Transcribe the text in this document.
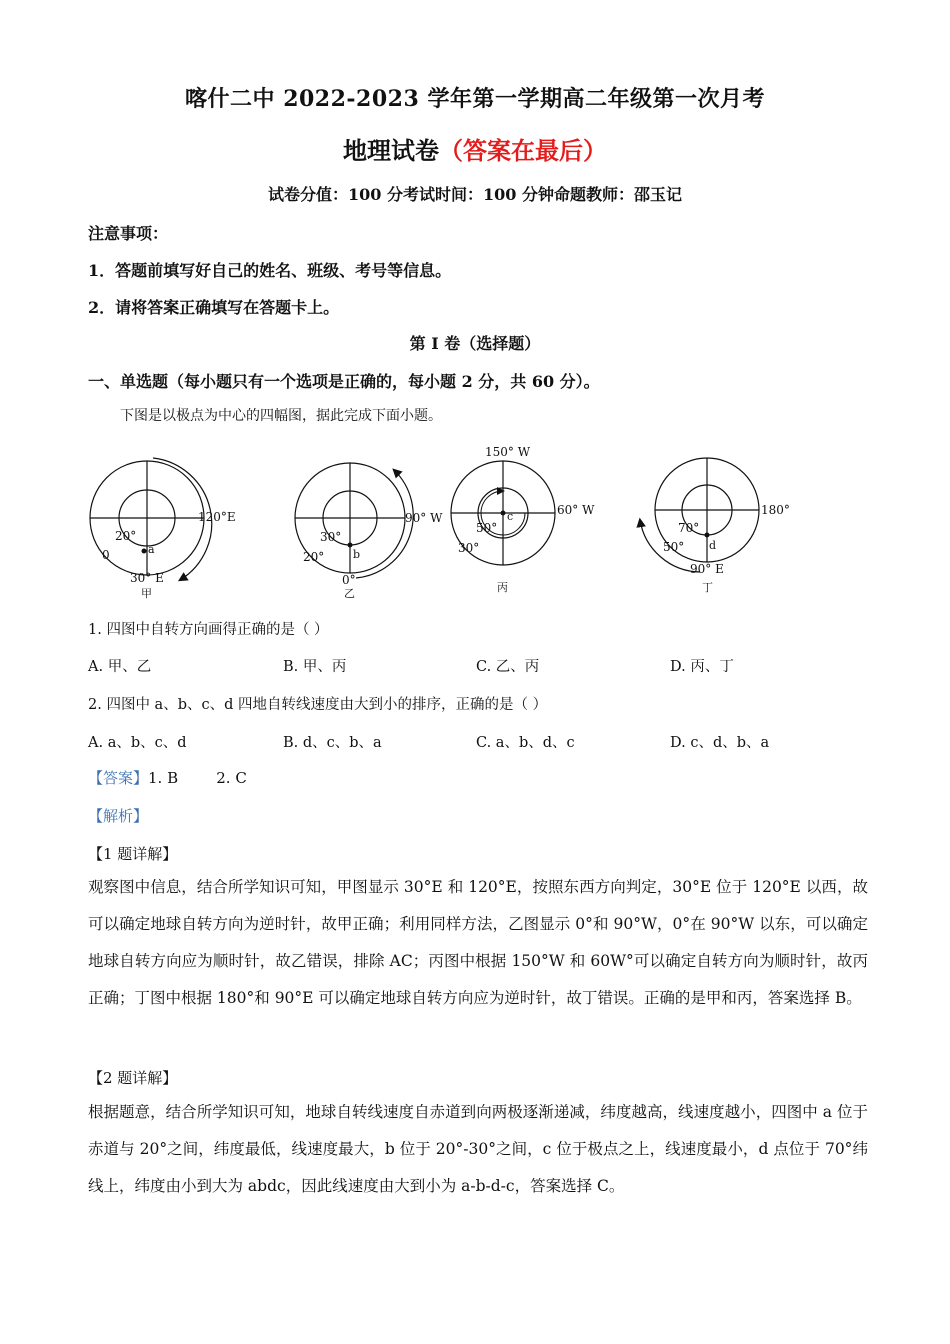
喀什二中 2022-2023 学年第一学期高二年级第一次月考
地理试卷（答案在最后）
试卷分值：100 分考试时间：100 分钟命题教师：邵玉记
注意事项：
1．答题前填写好自己的姓名、班级、考号等信息。
2．请将答案正确填写在答题卡上。
第 I 卷（选择题）
一、单选题（每小题只有一个选项是正确的，每小题 2 分，共 60 分）。
下图是以极点为中心的四幅图，据此完成下面小题。
120°E
20°
0	a
30° E
甲
90° W
30°
20°	b
0°
乙
150° W
60° W
c
50°
30°
丙
180°
70°
d
50°
90° E
丁
1. 四图中自转方向画得正确的是（ ）
A. 甲、乙	B. 甲、丙	C. 乙、丙	D. 丙、丁
2. 四图中 a、b、c、d 四地自转线速度由大到小的排序，正确的是（ ）
A. a、b、c、d	B. d、c、b、a	C. a、b、d、c	D. c、d、b、a
【答案】1. B        2. C
【解析】
【1 题详解】
观察图中信息，结合所学知识可知，甲图显示 30°E 和 120°E，按照东西方向判定，30°E 位于 120°E 以西，故可以确定地球自转方向为逆时针，故甲正确；利用同样方法，乙图显示 0°和 90°W，0°在 90°W 以东，可以确定地球自转方向应为顺时针，故乙错误，排除 AC；丙图中根据 150°W 和 60W°可以确定自转方向为顺时针，故丙正确；丁图中根据 180°和 90°E 可以确定地球自转方向应为逆时针，故丁错误。正确的是甲和丙，答案选择 B。
【2 题详解】
根据题意，结合所学知识可知，地球自转线速度自赤道到向两极逐渐递减，纬度越高，线速度越小，四图中 a 位于赤道与 20°之间，纬度最低，线速度最大，b 位于 20°-30°之间，c 位于极点之上，线速度最小，d 点位于 70°纬线上，纬度由小到大为 abdc，因此线速度由大到小为 a-b-d-c，答案选择 C。
